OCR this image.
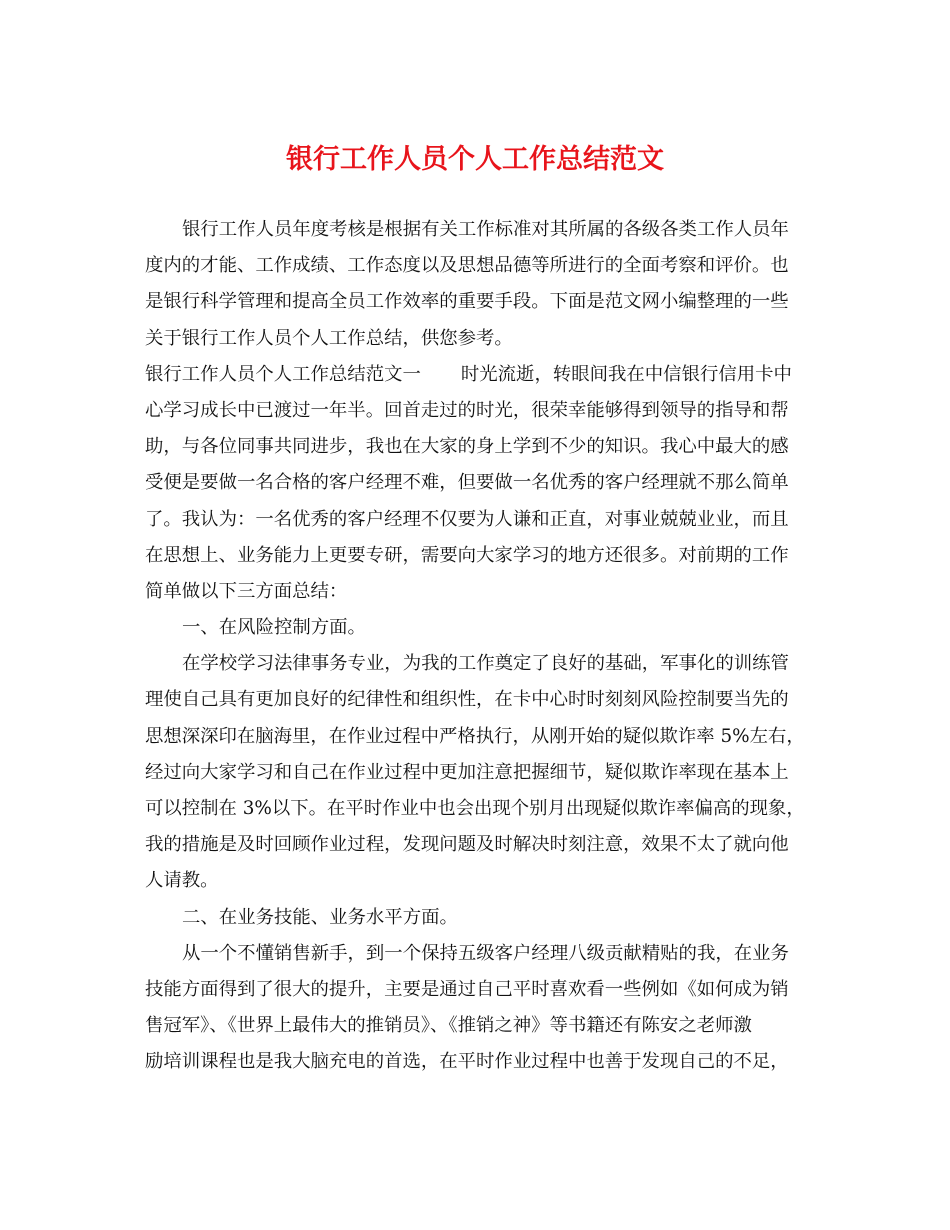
银行工作人员个人工作总结范文
银行工作人员年度考核是根据有关工作标准对其所属的各级各类工作人员年
度内的才能、工作成绩、工作态度以及思想品德等所进行的全面考察和评价。也
是银行科学管理和提高全员工作效率的重要手段。下面是范文网小编整理的一些
关于银行工作人员个人工作总结，供您参考。
银行工作人员个人工作总结范文一 时光流逝，转眼间我在中信银行信用卡中
心学习成长中已渡过一年半。回首走过的时光，很荣幸能够得到领导的指导和帮
助，与各位同事共同进步，我也在大家的身上学到不少的知识。我心中最大的感
受便是要做一名合格的客户经理不难，但要做一名优秀的客户经理就不那么简单
了。我认为：一名优秀的客户经理不仅要为人谦和正直，对事业兢兢业业，而且
在思想上、业务能力上更要专研，需要向大家学习的地方还很多。对前期的工作
简单做以下三方面总结：
一、在风险控制方面。
在学校学习法律事务专业，为我的工作奠定了良好的基础，军事化的训练管
理使自己具有更加良好的纪律性和组织性，在卡中心时时刻刻风险控制要当先的
思想深深印在脑海里，在作业过程中严格执行，从刚开始的疑似欺诈率 5%左右，
经过向大家学习和自己在作业过程中更加注意把握细节，疑似欺诈率现在基本上
可以控制在 3%以下。在平时作业中也会出现个别月出现疑似欺诈率偏高的现象，
我的措施是及时回顾作业过程，发现问题及时解决时刻注意，效果不太了就向他
人请教。
二、在业务技能、业务水平方面。
从一个不懂销售新手，到一个保持五级客户经理八级贡献精贴的我，在业务
技能方面得到了很大的提升，主要是通过自己平时喜欢看一些例如《如何成为销
售冠军》、《世界上最伟大的推销员》、《推销之神》等书籍还有陈安之老师激
励培训课程也是我大脑充电的首选，在平时作业过程中也善于发现自己的不足，
